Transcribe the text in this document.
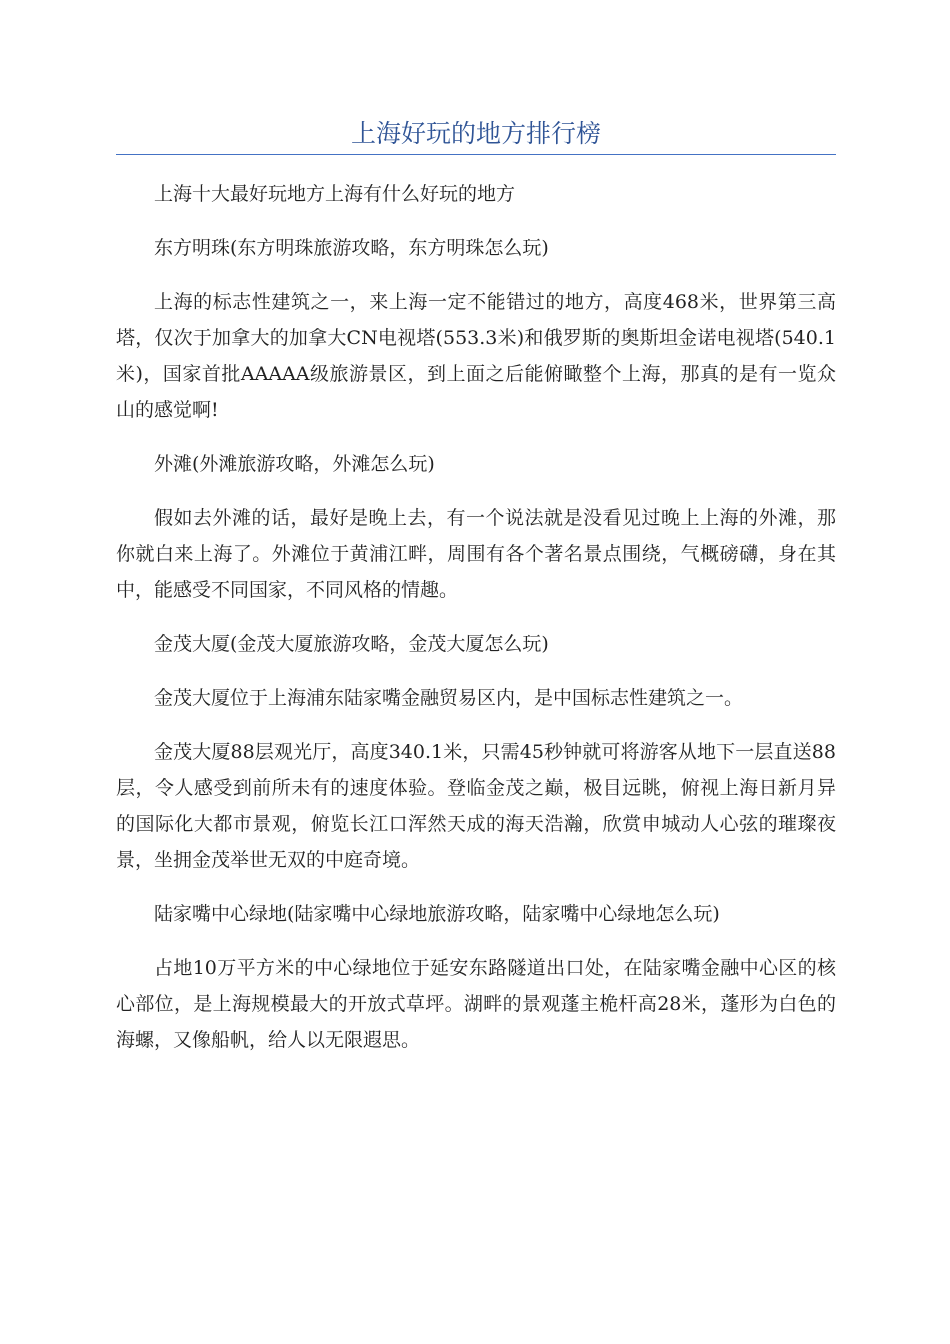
上海好玩的地方排行榜

上海十大最好玩地方上海有什么好玩的地方

东方明珠(东方明珠旅游攻略，东方明珠怎么玩)

上海的标志性建筑之一，来上海一定不能错过的地方，高度468米，世界第三高塔，仅次于加拿大的加拿大CN电视塔(553.3米)和俄罗斯的奥斯坦金诺电视塔(540.1米)，国家首批AAAAA级旅游景区，到上面之后能俯瞰整个上海，那真的是有一览众山的感觉啊!

外滩(外滩旅游攻略，外滩怎么玩)

假如去外滩的话，最好是晚上去，有一个说法就是没看见过晚上上海的外滩，那你就白来上海了。外滩位于黄浦江畔，周围有各个著名景点围绕，气概磅礴，身在其中，能感受不同国家，不同风格的情趣。

金茂大厦(金茂大厦旅游攻略，金茂大厦怎么玩)

金茂大厦位于上海浦东陆家嘴金融贸易区内，是中国标志性建筑之一。

金茂大厦88层观光厅，高度340.1米，只需45秒钟就可将游客从地下一层直送88层，令人感受到前所未有的速度体验。登临金茂之巅，极目远眺，俯视上海日新月异的国际化大都市景观，俯览长江口浑然天成的海天浩瀚，欣赏申城动人心弦的璀璨夜景，坐拥金茂举世无双的中庭奇境。

陆家嘴中心绿地(陆家嘴中心绿地旅游攻略，陆家嘴中心绿地怎么玩)

占地10万平方米的中心绿地位于延安东路隧道出口处，在陆家嘴金融中心区的核心部位，是上海规模最大的开放式草坪。湖畔的景观蓬主桅杆高28米，蓬形为白色的海螺，又像船帆，给人以无限遐思。
